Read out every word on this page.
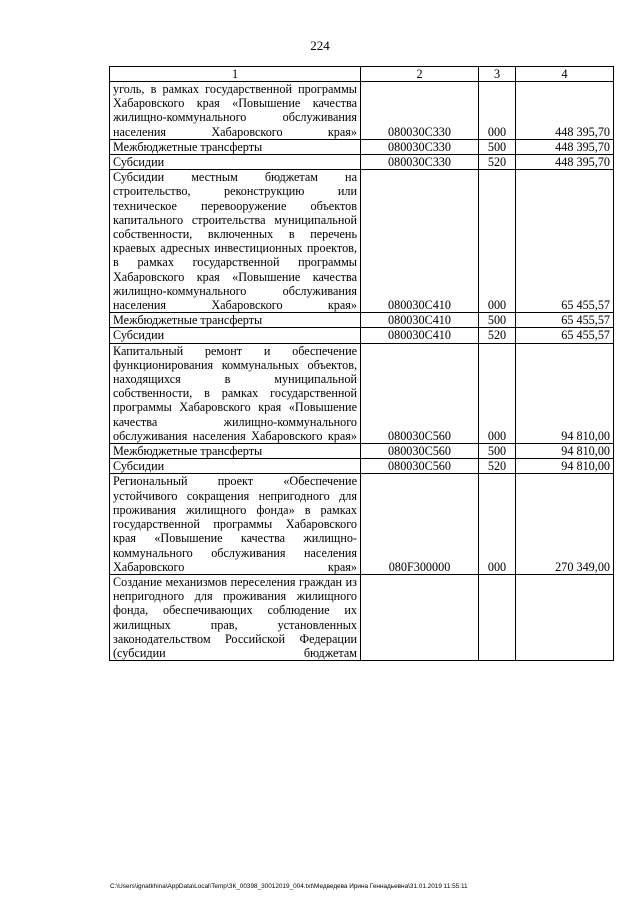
224
1	2	3	4
уголь, в рамках государственной программы Хабаровского края «Повышение качества жилищно-коммунального обслуживания населения Хабаровского края»	080030С330	000	448 395,70
Межбюджетные трансферты	080030С330	500	448 395,70
Субсидии	080030С330	520	448 395,70
Субсидии местным бюджетам на строительство, реконструкцию или техническое перевооружение объектов капитального строительства муниципальной собственности, включенных в перечень краевых адресных инвестиционных проектов, в рамках государственной программы Хабаровского края «Повышение качества жилищно-коммунального обслуживания населения Хабаровского края»	080030С410	000	65 455,57
Межбюджетные трансферты	080030С410	500	65 455,57
Субсидии	080030С410	520	65 455,57
Капитальный ремонт и обеспечение функционирования коммунальных объектов, находящихся в муниципальной собственности, в рамках государственной программы Хабаровского края «Повышение качества жилищно-коммунального обслуживания населения Хабаровского края»	080030С560	000	94 810,00
Межбюджетные трансферты	080030С560	500	94 810,00
Субсидии	080030С560	520	94 810,00
Региональный проект «Обеспечение устойчивого сокращения непригодного для проживания жилищного фонда» в рамках государственной программы Хабаровского края «Повышение качества жилищно-коммунального обслуживания населения Хабаровского края»	080F300000	000	270 349,00
Создание механизмов переселения граждан из непригодного для проживания жилищного фонда, обеспечивающих соблюдение их жилищных прав, установленных законодательством Российской Федерации (субсидии бюджетам			
C:\Users\ignatkhina\AppData\Local\Temp\ЗК_00398_30012019_004.txt\Медведева Ирина Геннадьевна\31.01.2019 11:55:11
